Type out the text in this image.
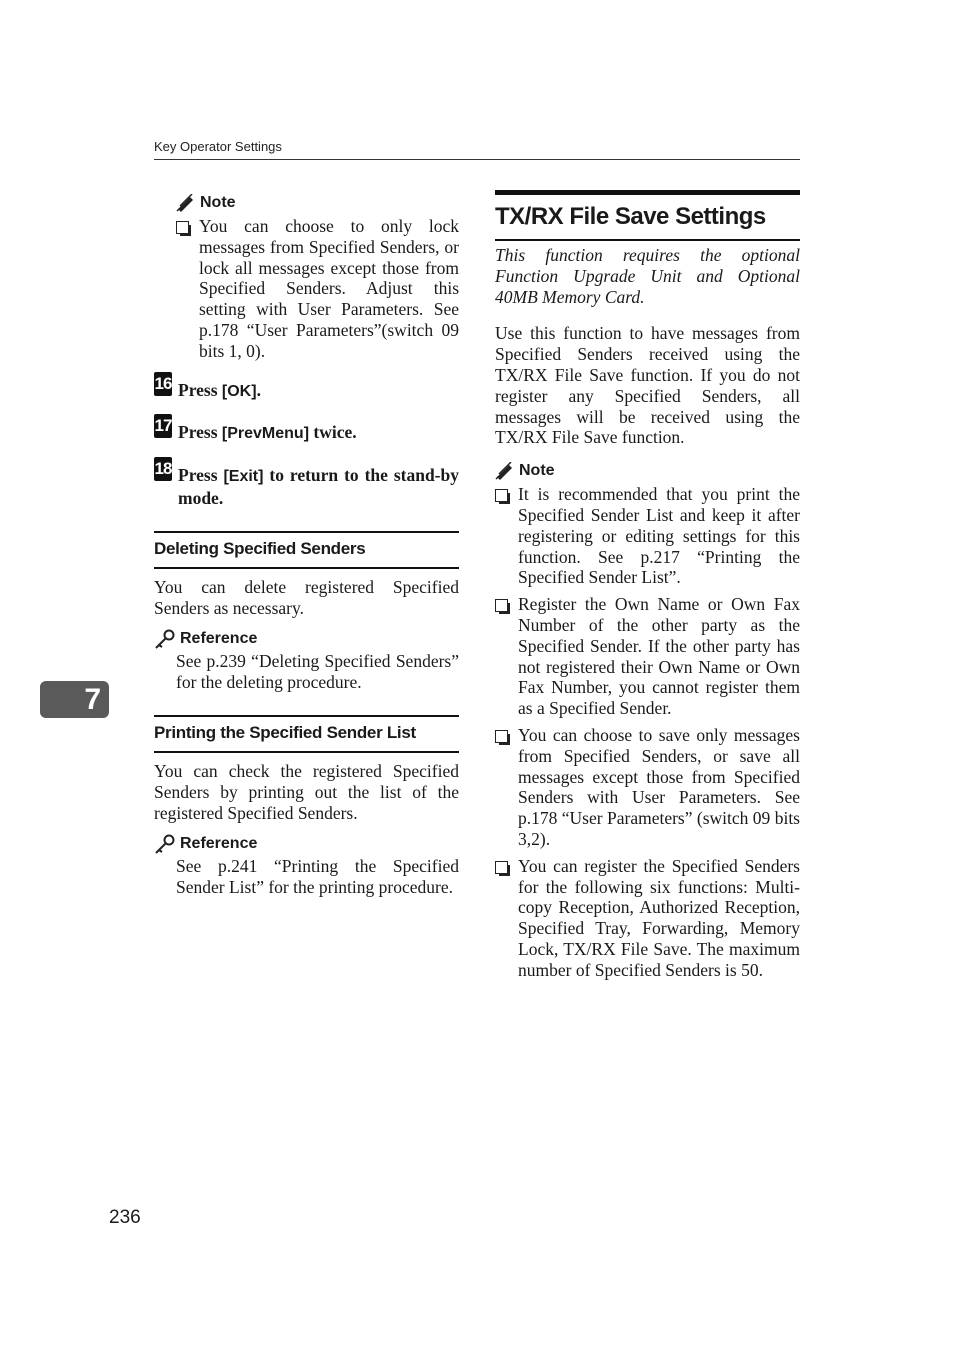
Key Operator Settings
Note

You can choose to only lock messages from Specified Senders, or lock all messages except those from Specified Senders. Adjust this setting with User Parameters. See p.178 “User Parameters”(switch 09 bits 1, 0).

16 Press [OK].
17 Press [PrevMenu] twice.
18 Press [Exit] to return to the stand-by mode.
Deleting Specified Senders

You can delete registered Specified Senders as necessary.

Reference

See p.239 “Deleting Specified Senders” for the deleting procedure.

Printing the Specified Sender List

You can check the registered Specified Senders by printing out the list of the registered Specified Senders.

Reference

See p.241 “Printing the Specified Sender List” for the printing procedure.

TX/RX File Save Settings

This function requires the optional Function Upgrade Unit and Optional 40MB Memory Card.

Use this function to have messages from Specified Senders received using the TX/RX File Save function. If you do not register any Specified Senders, all messages will be received using the TX/RX File Save function.

Note

It is recommended that you print the Specified Sender List and keep it after registering or editing settings for this function. See p.217 “Printing the Specified Sender List”.

Register the Own Name or Own Fax Number of the other party as the Specified Sender. If the other party has not registered their Own Name or Own Fax Number, you cannot register them as a Specified Sender.

You can choose to save only messages from Specified Senders, or save all messages except those from Specified Senders with User Parameters. See p.178 “User Parameters” (switch 09 bits 3,2).

You can register the Specified Senders for the following six functions: Multi-copy Reception, Authorized Reception, Specified Tray, Forwarding, Memory Lock, TX/RX File Save. The maximum number of Specified Senders is 50.

7
236
